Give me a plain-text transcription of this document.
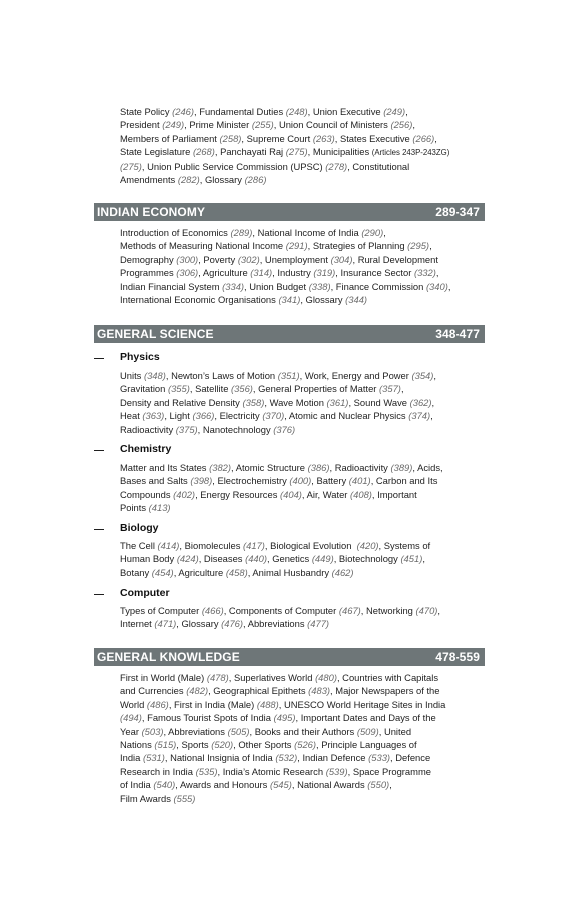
State Policy (246), Fundamental Duties (248), Union Executive (249),
President (249), Prime Minister (255), Union Council of Ministers (256),
Members of Parliament (258), Supreme Court (263), States Executive (266),
State Legislature (268), Panchayati Raj (275), Municipalities (Articles 243P-243ZG)
(275), Union Public Service Commission (UPSC) (278), Constitutional
Amendments (282), Glossary (286)
INDIAN ECONOMY	289-347
Introduction of Economics (289), National Income of India (290),
Methods of Measuring National Income (291), Strategies of Planning (295),
Demography (300), Poverty (302), Unemployment (304), Rural Development
Programmes (306), Agriculture (314), Industry (319), Insurance Sector (332),
Indian Financial System (334), Union Budget (338), Finance Commission (340),
International Economic Organisations (341), Glossary (344)
GENERAL SCIENCE	348-477
Physics
Units (348), Newton’s Laws of Motion (351), Work, Energy and Power (354),
Gravitation (355), Satellite (356), General Properties of Matter (357),
Density and Relative Density (358), Wave Motion (361), Sound Wave (362),
Heat (363), Light (366), Electricity (370), Atomic and Nuclear Physics (374),
Radioactivity (375), Nanotechnology (376)
Chemistry
Matter and Its States (382), Atomic Structure (386), Radioactivity (389), Acids,
Bases and Salts (398), Electrochemistry (400), Battery (401), Carbon and Its
Compounds (402), Energy Resources (404), Air, Water (408), Important
Points (413)
Biology
The Cell (414), Biomolecules (417), Biological Evolution (420), Systems of
Human Body (424), Diseases (440), Genetics (449), Biotechnology (451),
Botany (454), Agriculture (458), Animal Husbandry (462)
Computer
Types of Computer (466), Components of Computer (467), Networking (470),
Internet (471), Glossary (476), Abbreviations (477)
GENERAL KNOWLEDGE	478-559
First in World (Male) (478), Superlatives World (480), Countries with Capitals
and Currencies (482), Geographical Epithets (483), Major Newspapers of the
World (486), First in India (Male) (488), UNESCO World Heritage Sites in India
(494), Famous Tourist Spots of India (495), Important Dates and Days of the
Year (503), Abbreviations (505), Books and their Authors (509), United
Nations (515), Sports (520), Other Sports (526), Principle Languages of
India (531), National Insignia of India (532), Indian Defence (533), Defence
Research in India (535), India’s Atomic Research (539), Space Programme
of India (540), Awards and Honours (545), National Awards (550),
Film Awards (555)
